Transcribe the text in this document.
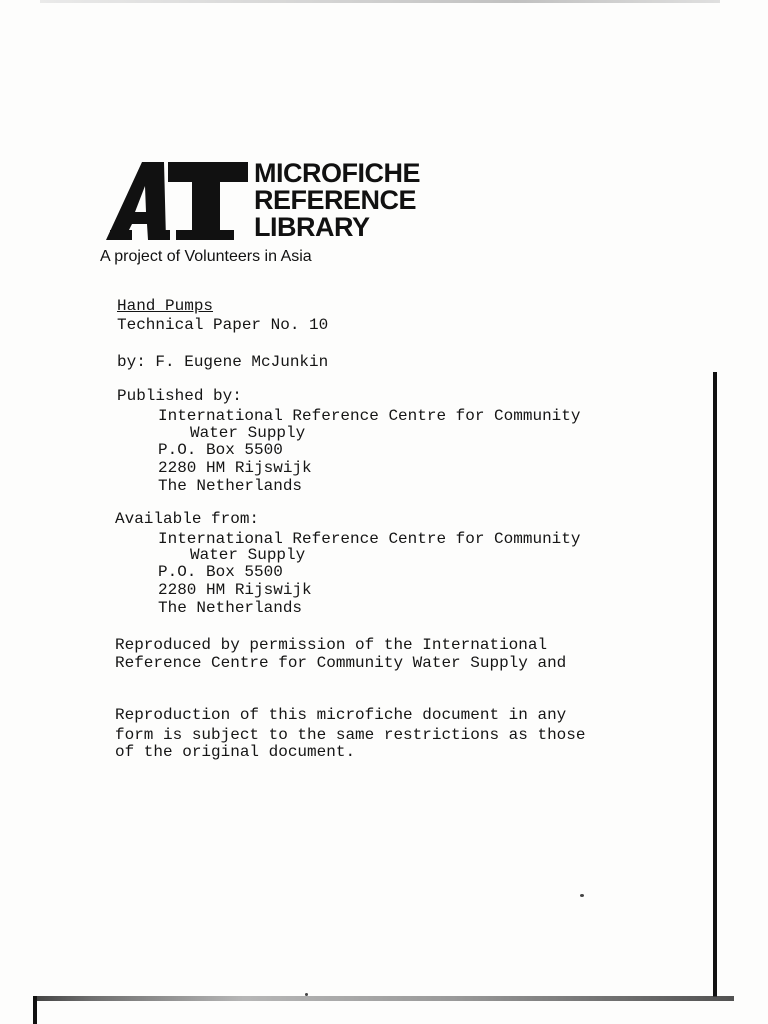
MICROFICHE
REFERENCE
LIBRARY
A project of Volunteers in Asia
Hand Pumps
Technical Paper No. 10
by: F. Eugene McJunkin
Published by:
International Reference Centre for Community
Water Supply
P.O. Box 5500
2280 HM Rijswijk
The Netherlands
Available from:
International Reference Centre for Community
Water Supply
P.O. Box 5500
2280 HM Rijswijk
The Netherlands
Reproduced by permission of the International
Reference Centre for Community Water Supply and
Reproduction of this microfiche document in any
form is subject to the same restrictions as those
of the original document.
